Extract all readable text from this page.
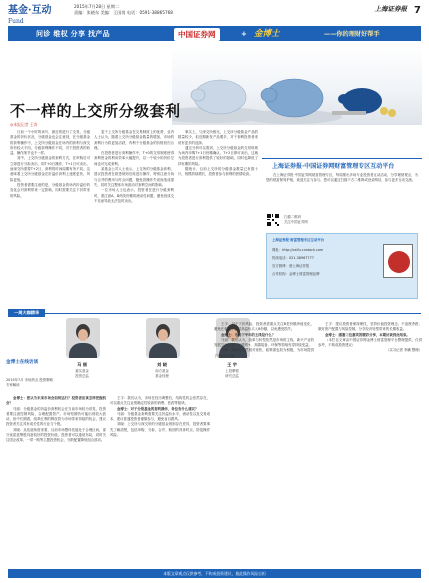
基金·互动	2015年7月28日 星期二
责编：张晓东 美编：王国岗 电话：0591-38865768	上海证券报 7
Fund
问诊 维权 分享 找产品	中国证券网	+ 金博士	——你的理财好帮手
不一样的上交所分级套利
◎本报记者 王涛

日前一个小时的读写，最近的进行了交易，分级基金的折价状况，分级基金也会注意到，在分级基金的套利操作中，上交所分级基金在场内的套利与深交所有较大不同，分级套利操作不同，对于投资者的收益，操作细节也不一样。

其中，上交所分级基金的套利方式，在申购后可立即进行分拆卖出，即T+0日操作，T+1日可卖出，而深交所需要T+2日，套利的时间周期有所不同。这意味着上交所分级基金在折溢价套利上速度更快，风险更低。

投资者需要注意的是，分级基金的场内折溢价的变化会对套利带来一定影响，同时需要关注下折带来的风险。

鉴于上交所分级基金在交易制度上的优势，业内人士认为，随着上交所分级基金数量的增加，市场的套利行为将更加活跃，有利于分级基金的价格回归合理。

在投资者进行套利操作中，T+0的交易制度使得套利资金的利用效率大幅提升，以一个较小的折价空间也可完成套利。

某基金公司人士表示，上交所的分级基金套利，建议投资者在熟悉规则后再进行操作，特别注意分拆与合并的费用与时点问题，避免因操作失误而造成损失，同时关注整体市场波动对套利空间的影响。

一位市场人士也表示，投资者在进行分级套利时，需注意A、B两类份额的流动性问题，避免因成交不足而导致无法及时卖出。

事实上，与深交所相比，上交所分级基金产品的数量较少，但近期新发产品增多，对于套利投资者来说有更多的选择。

通过分析可以看到，上交所分级基金的交易规则为场内申购T+1日份额确认，T+2日即可卖出，这就为投资者进行套利提供了较好的基础，同时也降低了持有期的风险。

据统计，目前上交所的分级基金数量已有数十只，规模持续增长，投资者参与套利的热情较高。

上海证券报·中国证券网财富管理专区互动平台
在上海证券报·中国证券网财富管理专区，每周推出多场专业投资者互动活动，分享理财观点，为您的财富保驾护航，欢迎关注与参与。您可以通过扫描下方二维码或登录网站，参与更多互动交流。
扫描二维码
关注中国证券网
上海证券报·财富管理专区互动平台
网址：http://caifu.cnstock.com
热线电话：021-38967777
官方微博：@上海证券报
合作机构：金博士财富管理品牌
一周大咖精华
金博士在线访谈
2015年7月 市场热点 投资策略 专家解读
马 丽
嘉实基金
投资总监
刘 晓
南方基金
基金经理
王 宇
上投摩根
研究总监

金博士：您认为未来市场会如何运行？投资者应该怎样把握机会？

马丽：分级基金的折溢价套利机会在当前市场较为常见，投资者要注意控制风险，合理配置资产。市场短期仍可能出现较大波动，但中长期看，改革红利的释放将为市场带来持续的机会，建议投资者关注具有成长性的行业与个股。

刘晓：从估值角度来看，目前市场整体估值处于合理区间，部分优质蓝筹股具备较好的投资价值，投资者可以逢低布局，同时关注国企改革、一带一路等主题投资机会，分散配置降低组合波动。

王宇：我们认为，市场在经历调整后，结构性机会依然存在，可以重点关注业绩确定性较高的消费、医药等板块。

金博士：对于分级基金的套利操作，各位有什么建议？

马丽：分级基金套利需要关注折溢价水平、流动性以及交易成本，建议普通投资者谨慎参与，避免盲目跟风。

刘晓：上交所与深交所的分级基金规则存在差异，投资者要事先了解清楚，包括申购、分拆、合并、赎回的具体时点，防范操作风险。

王宇：对于下折风险，投资者需重点关注B类份额净值变化，避免在临近下折时高溢价买入B份额，以免遭受损失。

金博士：市场下半年的主线是什么？

马丽：我们认为，改革与转型依然是市场的主线，新兴产业的发展空间较大，互联网+、高端装备、环保等领域有望持续受益。

刘晓：流动性仍然相对宽松，政策面也较为积极，为市场提供了较好的支撑。

王宇：建议投资者保持理性，坚持价值投资理念，不追涨杀跌，做好资产配置与风险控制，分享经济转型带来的长期收益。

金博士：感谢三位嘉宾的精彩分享，本期访谈到此结束。

（本栏目文章由中国证券网金博士财富管理平台整理提供，仅供参考，不构成投资建议）

（实习记者 李鹏 整理）

本版文章观点仅供参考，不构成投资建议，据此操作风险自担
